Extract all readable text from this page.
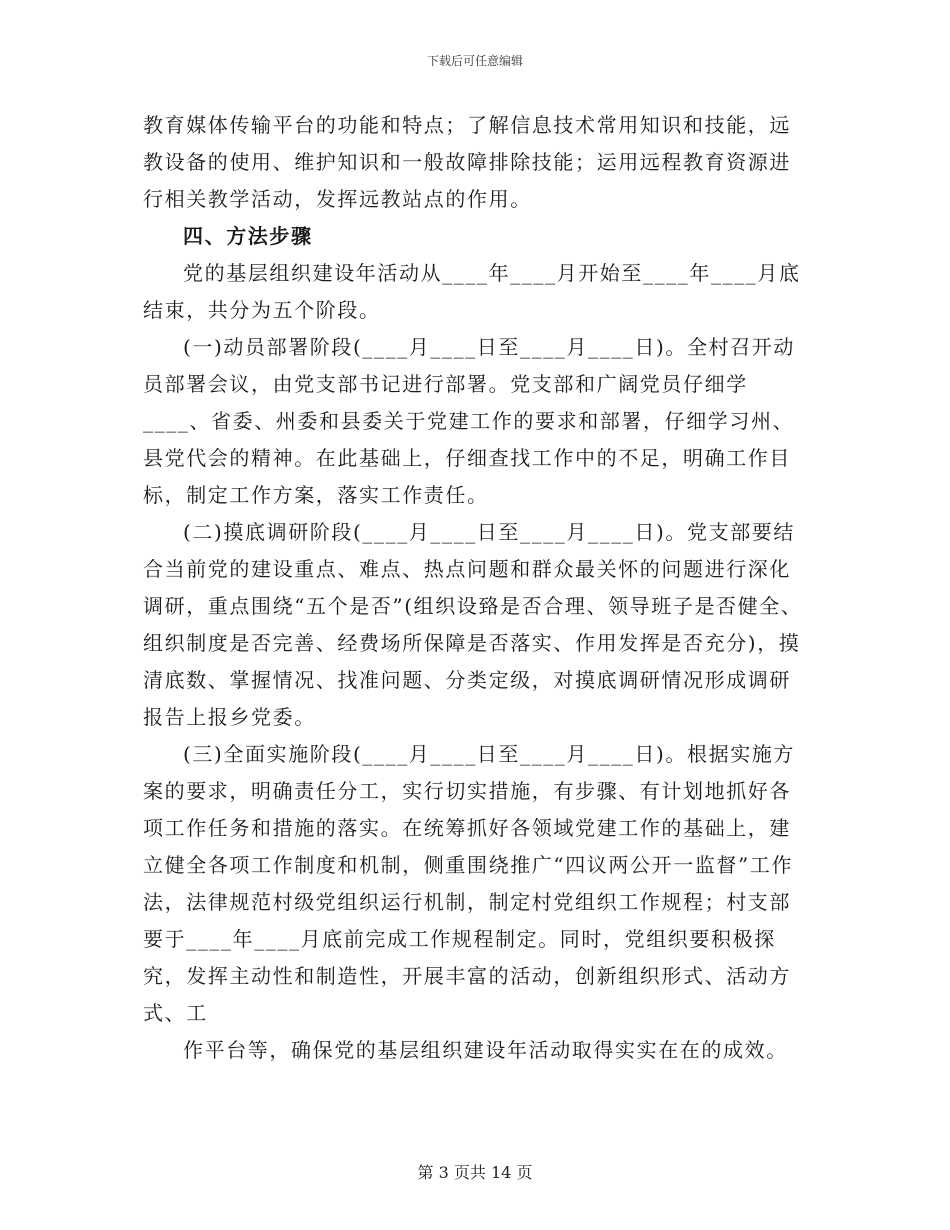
下载后可任意编辑

教育媒体传输平台的功能和特点；了解信息技术常用知识和技能，远教设备的使用、维护知识和一般故障排除技能；运用远程教育资源进行相关教学活动，发挥远教站点的作用。

四、方法步骤

党的基层组织建设年活动从____年____月开始至____年____月底结束，共分为五个阶段。

(一)动员部署阶段(____月____日至____月____日)。全村召开动员部署会议，由党支部书记进行部署。党支部和广阔党员仔细学____、省委、州委和县委关于党建工作的要求和部署，仔细学习州、县党代会的精神。在此基础上，仔细查找工作中的不足，明确工作目标，制定工作方案，落实工作责任。

(二)摸底调研阶段(____月____日至____月____日)。党支部要结合当前党的建设重点、难点、热点问题和群众最关怀的问题进行深化调研，重点围绕“五个是否”(组织设臵是否合理、领导班子是否健全、组织制度是否完善、经费场所保障是否落实、作用发挥是否充分)，摸清底数、掌握情况、找准问题、分类定级，对摸底调研情况形成调研报告上报乡党委。

(三)全面实施阶段(____月____日至____月____日)。根据实施方案的要求，明确责任分工，实行切实措施，有步骤、有计划地抓好各项工作任务和措施的落实。在统筹抓好各领域党建工作的基础上，建立健全各项工作制度和机制，侧重围绕推广“四议两公开一监督”工作法，法律规范村级党组织运行机制，制定村党组织工作规程；村支部要于____年____月底前完成工作规程制定。同时，党组织要积极探究，发挥主动性和制造性，开展丰富的活动，创新组织形式、活动方式、工

作平台等，确保党的基层组织建设年活动取得实实在在的成效。

第 3 页共 14 页
